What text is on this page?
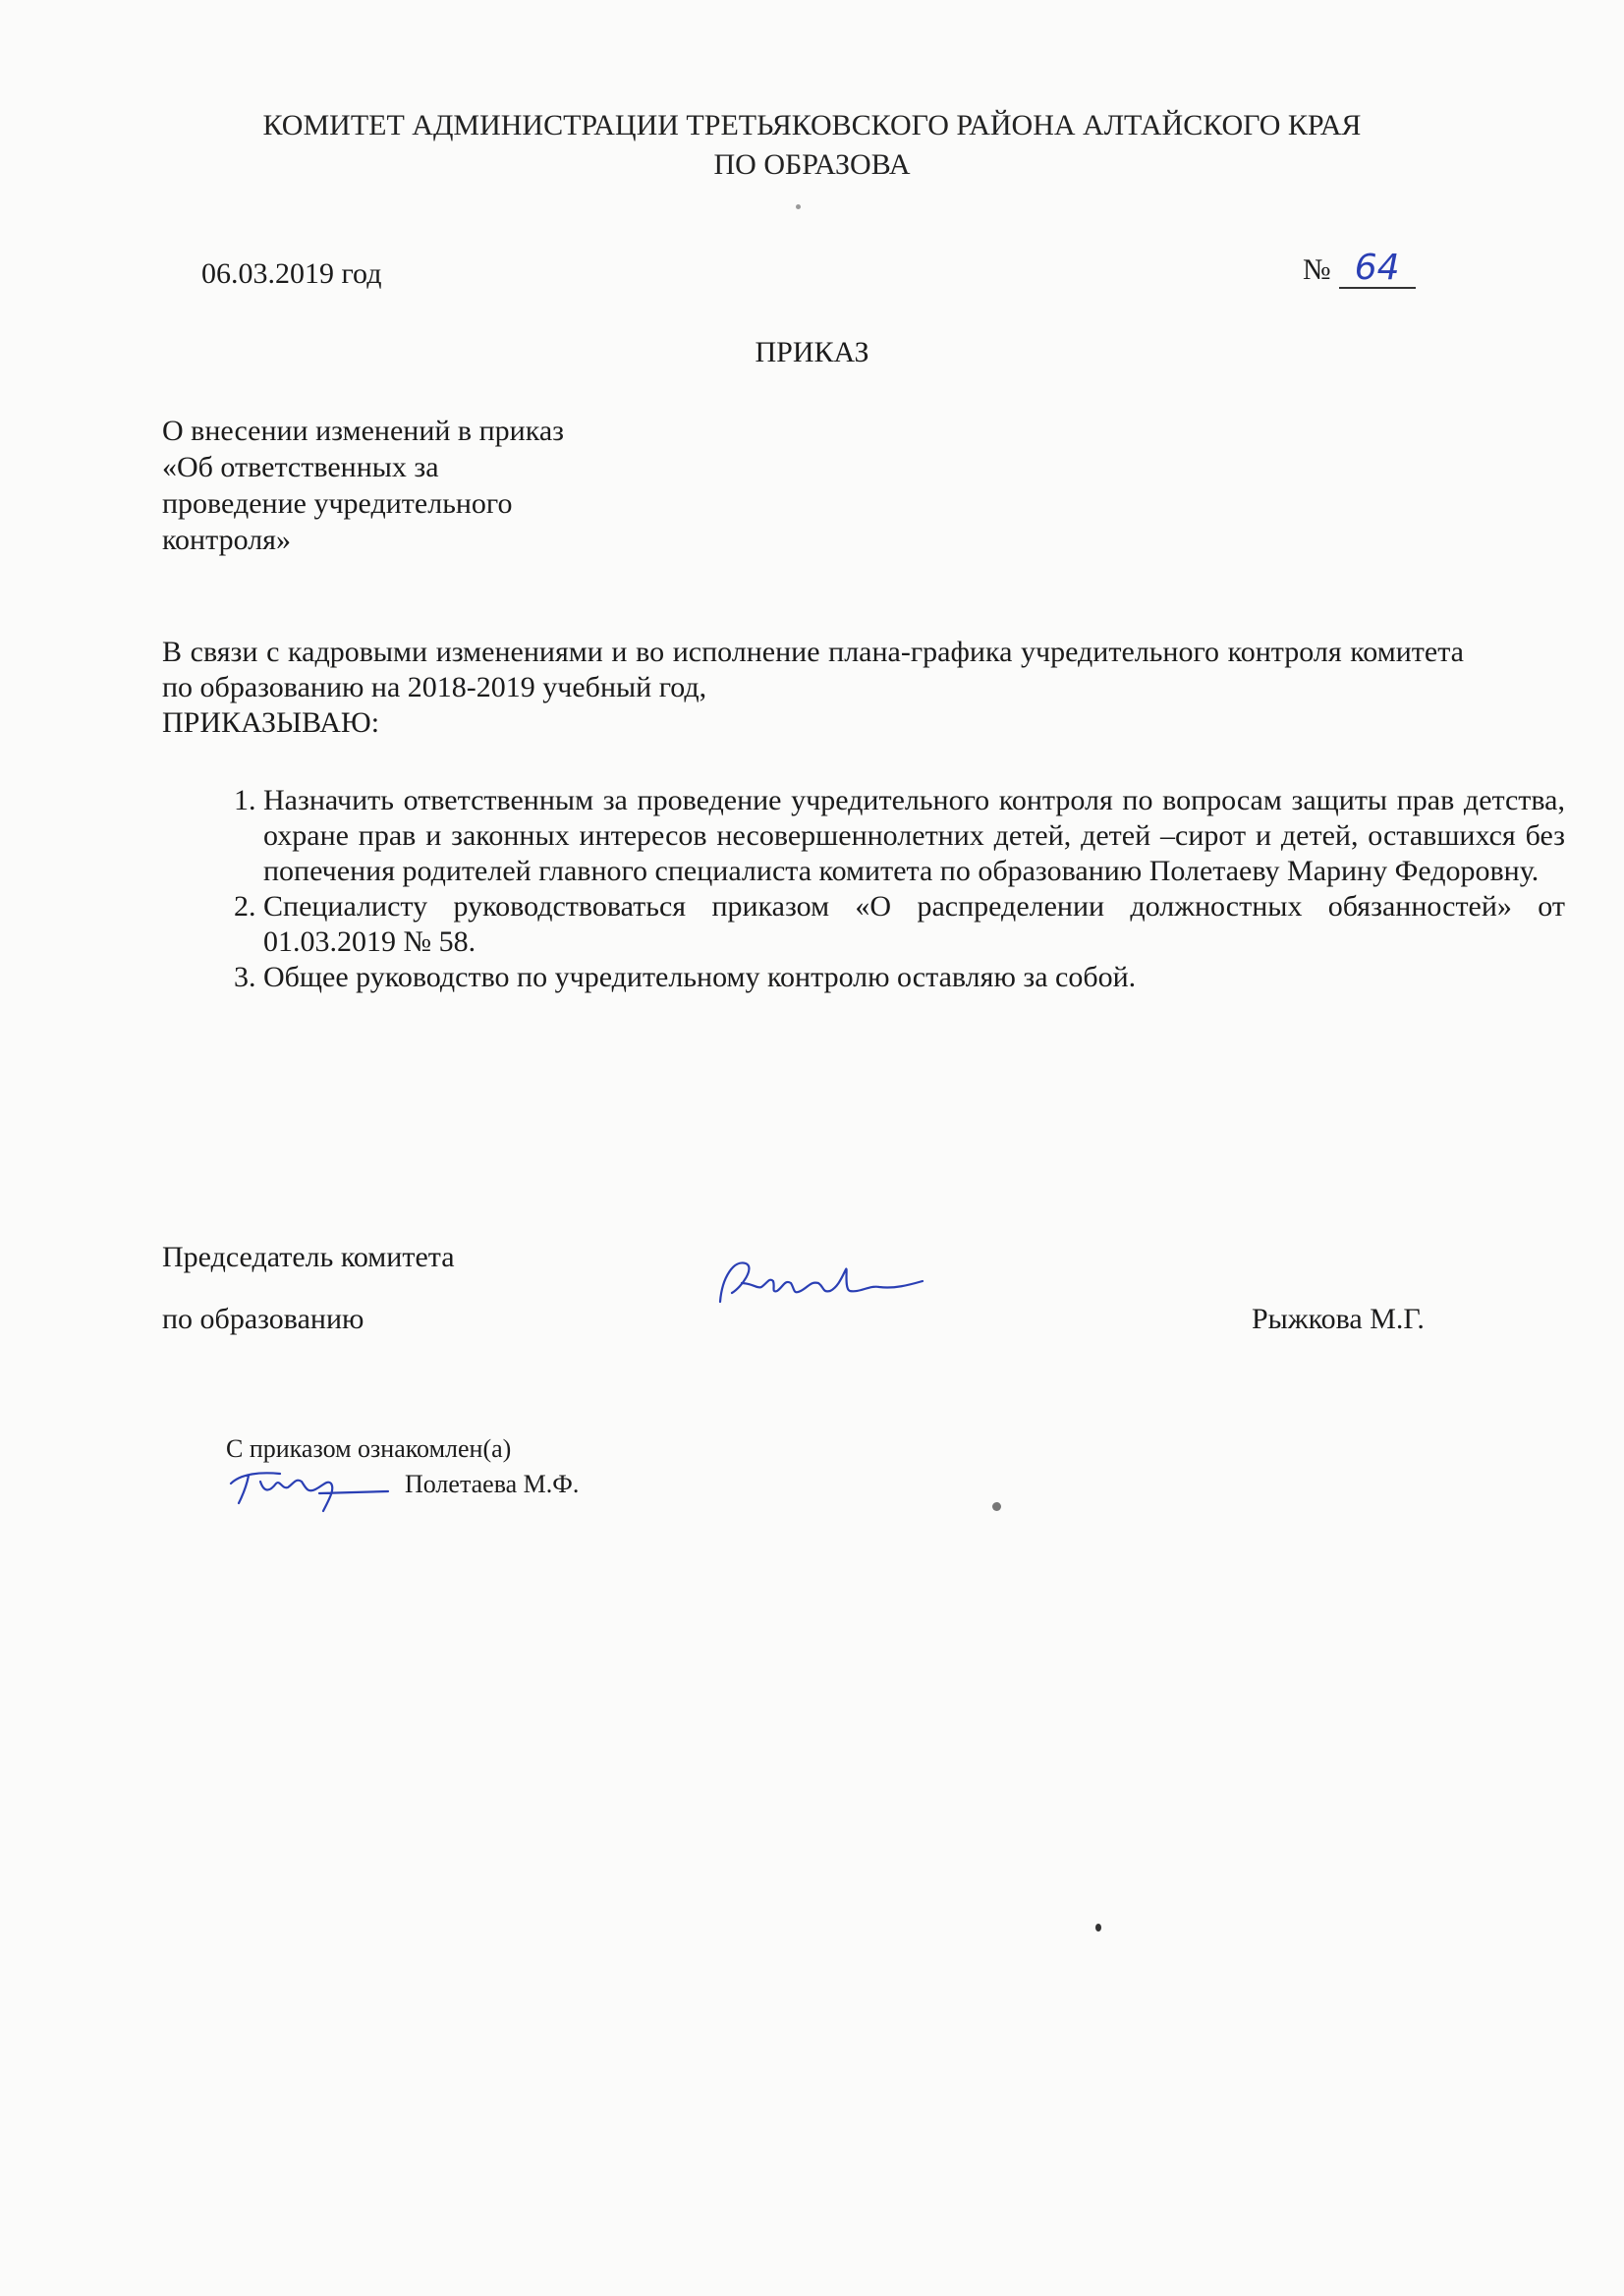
КОМИТЕТ АДМИНИСТРАЦИИ ТРЕТЬЯКОВСКОГО РАЙОНА АЛТАЙСКОГО КРАЯ
ПО ОБРАЗОВА
06.03.2019 год	№ 64
ПРИКАЗ
О внесении изменений в приказ
«Об ответственных за
проведение учредительного
контроля»
В связи с кадровыми изменениями и во исполнение плана-графика учредительного контроля комитета по образованию на 2018-2019 учебный год,
ПРИКАЗЫВАЮ:
1. Назначить ответственным за проведение учредительного контроля по вопросам защиты прав детства, охране прав и законных интересов несовершеннолетних детей, детей –сирот и детей, оставшихся без попечения родителей главного специалиста комитета по образованию Полетаеву Марину Федоровну.
2. Специалисту руководствоваться приказом «О распределении должностных обязанностей» от 01.03.2019 № 58.
3. Общее руководство по учредительному контролю оставляю за собой.
Председатель комитета
по образованию	Рыжкова М.Г.
С приказом ознакомлен(а)
Полетаева М.Ф.
